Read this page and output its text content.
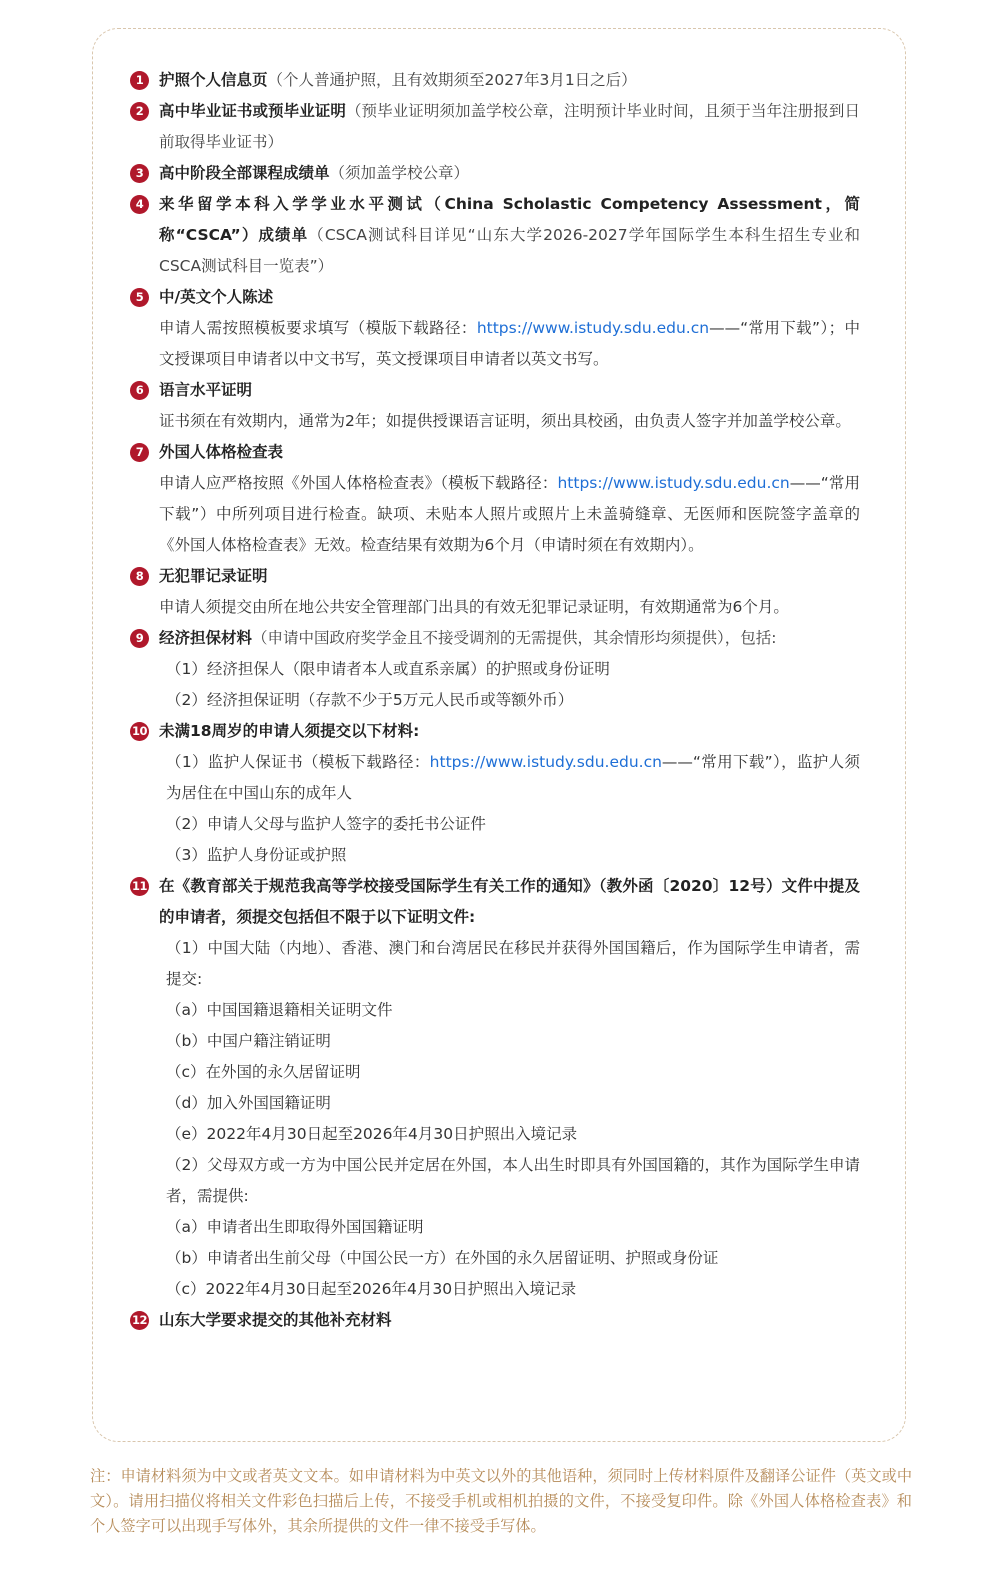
1	护照个人信息页（个人普通护照，且有效期须至2027年3月1日之后）
2	高中毕业证书或预毕业证明（预毕业证明须加盖学校公章，注明预计毕业时间，且须于当年注册报到日前取得毕业证书）
3	高中阶段全部课程成绩单（须加盖学校公章）
4	来华留学本科入学学业水平测试（China Scholastic Competency Assessment，简称“CSCA”）成绩单（CSCA测试科目详见“山东大学2026-2027学年国际学生本科生招生专业和CSCA测试科目一览表”）
5	中/英文个人陈述
申请人需按照模板要求填写（模版下载路径：https://www.istudy.sdu.edu.cn——“常用下载”）；中文授课项目申请者以中文书写，英文授课项目申请者以英文书写。
6	语言水平证明
证书须在有效期内，通常为2年；如提供授课语言证明，须出具校函，由负责人签字并加盖学校公章。
7	外国人体格检查表
申请人应严格按照《外国人体格检查表》（模板下载路径：https://www.istudy.sdu.edu.cn——“常用下载”）中所列项目进行检查。缺项、未贴本人照片或照片上未盖骑缝章、无医师和医院签字盖章的《外国人体格检查表》无效。检查结果有效期为6个月（申请时须在有效期内）。
8	无犯罪记录证明
申请人须提交由所在地公共安全管理部门出具的有效无犯罪记录证明，有效期通常为6个月。
9	经济担保材料（申请中国政府奖学金且不接受调剂的无需提供，其余情形均须提供），包括:
（1）经济担保人（限申请者本人或直系亲属）的护照或身份证明
（2）经济担保证明（存款不少于5万元人民币或等额外币）
10 未满18周岁的申请人须提交以下材料:
（1）监护人保证书（模板下载路径：https://www.istudy.sdu.edu.cn——“常用下载”），监护人须为居住在中国山东的成年人
（2）申请人父母与监护人签字的委托书公证件
（3）监护人身份证或护照
11 在《教育部关于规范我高等学校接受国际学生有关工作的通知》（教外函〔2020〕12号）文件中提及的申请者，须提交包括但不限于以下证明文件:
（1）中国大陆（内地）、香港、澳门和台湾居民在移民并获得外国国籍后，作为国际学生申请者，需提交:
（a）中国国籍退籍相关证明文件
（b）中国户籍注销证明
（c）在外国的永久居留证明
（d）加入外国国籍证明
（e）2022年4月30日起至2026年4月30日护照出入境记录
（2）父母双方或一方为中国公民并定居在外国，本人出生时即具有外国国籍的，其作为国际学生申请者，需提供:
（a）申请者出生即取得外国国籍证明
（b）申请者出生前父母（中国公民一方）在外国的永久居留证明、护照或身份证
（c）2022年4月30日起至2026年4月30日护照出入境记录
12 山东大学要求提交的其他补充材料
注：申请材料须为中文或者英文文本。如申请材料为中英文以外的其他语种，须同时上传材料原件及翻译公证件（英文或中文）。请用扫描仪将相关文件彩色扫描后上传，不接受手机或相机拍摄的文件，不接受复印件。除《外国人体格检查表》和个人签字可以出现手写体外，其余所提供的文件一律不接受手写体。
